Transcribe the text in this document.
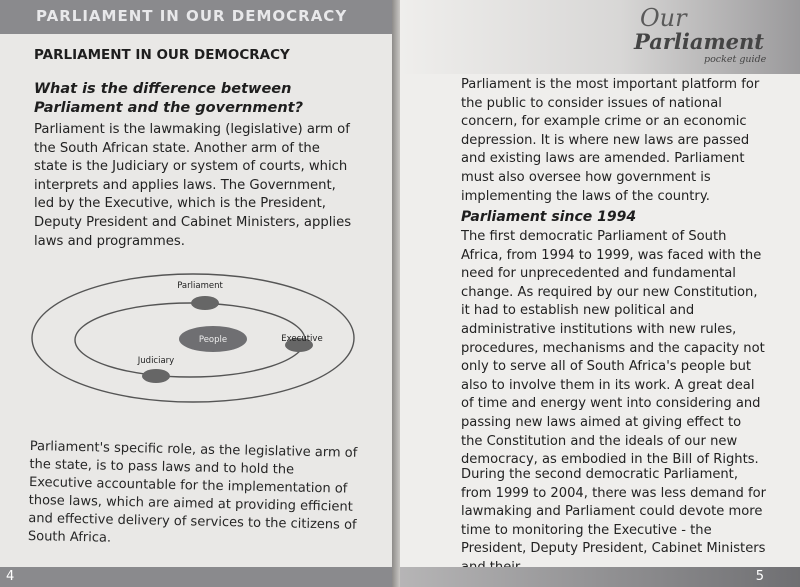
PARLIAMENT IN OUR DEMOCRACY
PARLIAMENT IN OUR DEMOCRACY
What is the difference between Parliament and the government?
Parliament is the lawmaking (legislative) arm of the South African state. Another arm of the state is the Judiciary or system of courts, which interprets and applies laws. The Government, led by the Executive, which is the President, Deputy President and Cabinet Ministers, applies laws and programmes.
People
Parliament
Executive
Judiciary
Parliament's specific role, as the legislative arm of the state, is to pass laws and to hold the Executive accountable for the implementation of those laws, which are aimed at providing efficient and effective delivery of services to the citizens of South Africa.
4
Our
Parliament
pocket guide
Parliament is the most important platform for the public to consider issues of national concern, for example crime or an economic depression. It is where new laws are passed and existing laws are amended. Parliament must also oversee how government is implementing the laws of the country.
Parliament since 1994
The first democratic Parliament of South Africa, from 1994 to 1999, was faced with the need for unprecedented and fundamental change. As required by our new Constitution, it had to establish new political and administrative institutions with new rules, procedures, mechanisms and the capacity not only to serve all of South Africa's people but also to involve them in its work. A great deal of time and energy went into considering and passing new laws aimed at giving effect to the Constitution and the ideals of our new democracy, as embodied in the Bill of Rights.
During the second democratic Parliament, from 1999 to 2004, there was less demand for lawmaking and Parliament could devote more time to monitoring the Executive - the President, Deputy President, Cabinet Ministers
5
